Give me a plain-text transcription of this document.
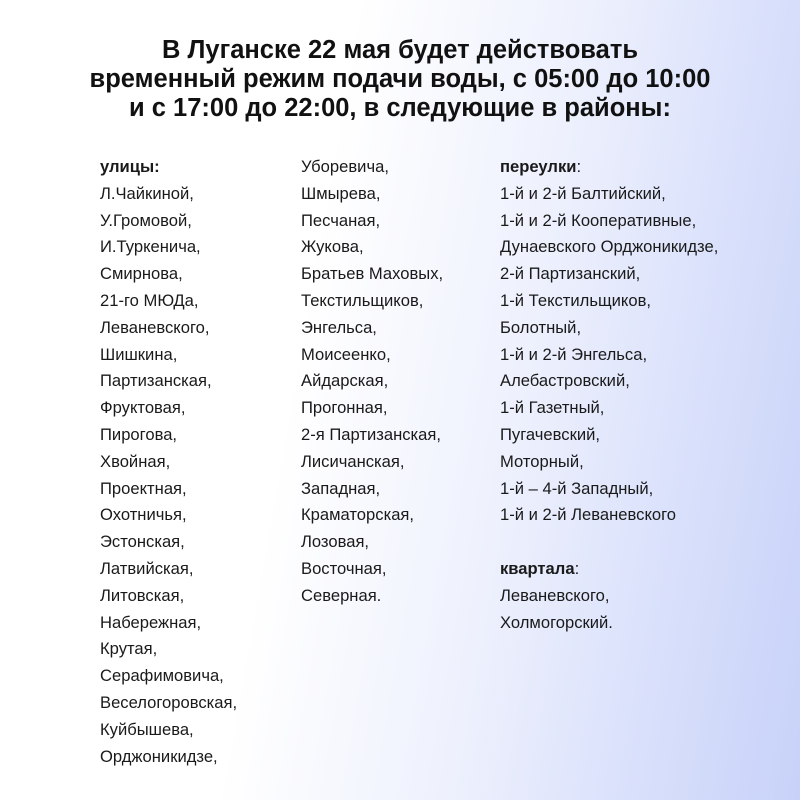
В Луганске 22 мая будет действовать
временный режим подачи воды, с 05:00 до 10:00
и с 17:00 до 22:00, в следующие в районы:
улицы:
Л.Чайкиной,
У.Громовой,
И.Туркенича,
Смирнова,
21-го МЮДа,
Леваневского,
Шишкина,
Партизанская,
Фруктовая,
Пирогова,
Хвойная,
Проектная,
Охотничья,
Эстонская,
Латвийская,
Литовская,
Набережная,
Крутая,
Серафимовича,
Веселогоровская,
Куйбышева,
Орджоникидзе,
Уборевича,
Шмырева,
Песчаная,
Жукова,
Братьев Маховых,
Текстильщиков,
Энгельса,
Моисеенко,
Айдарская,
Прогонная,
2-я Партизанская,
Лисичанская,
Западная,
Краматорская,
Лозовая,
Восточная,
Северная.
переулки:
1-й и 2-й Балтийский,
1-й и 2-й Кооперативные,
Дунаевского Орджоникидзе,
2-й Партизанский,
1-й Текстильщиков,
Болотный,
1-й и 2-й Энгельса,
Алебастровский,
1-й Газетный,
Пугачевский,
Моторный,
1-й – 4-й Западный,
1-й и 2-й Леваневского
квартала:
Леваневского,
Холмогорский.
